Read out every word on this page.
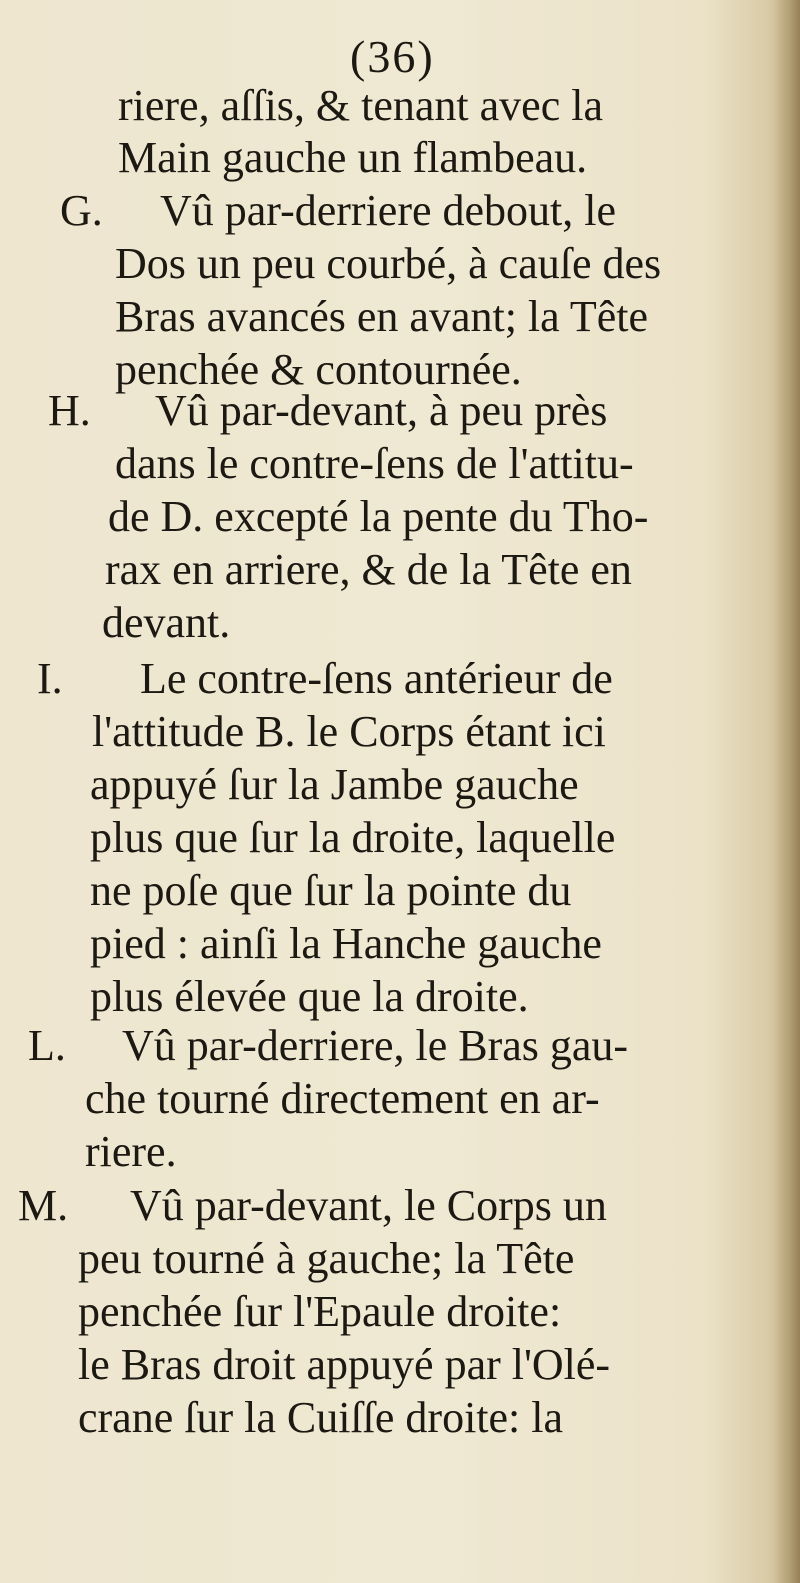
(36)
riere, aſſis, & tenant avec la
Main gauche un flambeau.
G. Vû par-derriere debout, le
Dos un peu courbé, à cauſe des
Bras avancés en avant; la Tête
penchée & contournée.
H. Vû par-devant, à peu près
dans le contre-ſens de l'attitu-
de D. excepté la pente du Tho-
rax en arriere, & de la Tête en
devant.
I. Le contre-ſens antérieur de
l'attitude B. le Corps étant ici
appuyé ſur la Jambe gauche
plus que ſur la droite, laquelle
ne poſe que ſur la pointe du
pied : ainſi la Hanche gauche
plus élevée que la droite.
L. Vû par-derriere, le Bras gau-
che tourné directement en ar-
riere.
M. Vû par-devant, le Corps un
peu tourné à gauche; la Tête
penchée ſur l'Epaule droite:
le Bras droit appuyé par l'Olé-
crane ſur la Cuiſſe droite: la
